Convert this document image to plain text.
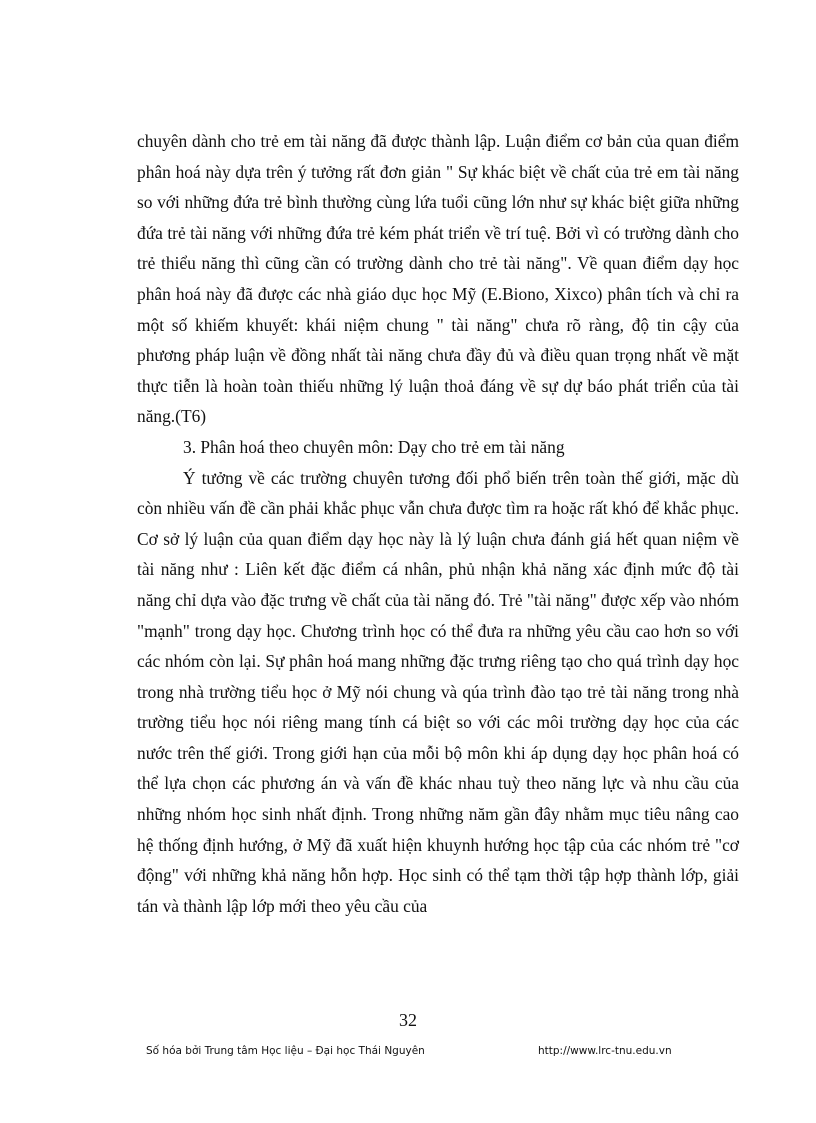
chuyên dành cho trẻ em tài năng đã được thành lập. Luận điểm cơ bản của quan điểm phân hoá này dựa trên ý tưởng rất đơn giản " Sự khác biệt về chất của trẻ em tài năng so với những đứa trẻ bình thường cùng lứa tuổi cũng lớn như sự khác biệt giữa những đứa trẻ tài năng với những đứa trẻ kém phát triển về trí tuệ. Bởi vì có trường dành cho trẻ thiểu năng thì cũng cần có trường dành cho trẻ tài năng". Về quan điểm dạy học phân hoá này đã được các nhà giáo dục học Mỹ (E.Biono, Xixco) phân tích và chỉ ra một số khiếm khuyết: khái niệm chung " tài năng" chưa rõ ràng, độ tin cậy của phương pháp luận về đồng nhất tài năng chưa đầy đủ và điều quan trọng nhất về mặt thực tiễn là hoàn toàn thiếu những lý luận thoả đáng về sự dự báo phát triển của tài năng.(T6)

3. Phân hoá theo chuyên môn: Dạy cho trẻ em tài năng

Ý tưởng về các trường chuyên tương đối phổ biến trên toàn thế giới, mặc dù còn nhiều vấn đề cần phải khắc phục vẫn chưa được tìm ra hoặc rất khó để khắc phục. Cơ sở lý luận của quan điểm dạy học này là lý luận chưa đánh giá hết quan niệm về tài năng như : Liên kết đặc điểm cá nhân, phủ nhận khả năng xác định mức độ tài năng chỉ dựa vào đặc trưng về chất của tài năng đó. Trẻ "tài năng" được xếp vào nhóm "mạnh" trong dạy học. Chương trình học có thể đưa ra những yêu cầu cao hơn so với các nhóm còn lại. Sự phân hoá mang những đặc trưng riêng tạo cho quá trình dạy học trong nhà trường tiểu học ở Mỹ nói chung và qúa trình đào tạo trẻ tài năng trong nhà trường tiểu học nói riêng mang tính cá biệt so với các môi trường dạy học của các nước trên thế giới. Trong giới hạn của mỗi bộ môn khi áp dụng dạy học phân hoá có thể lựa chọn các phương án và vấn đề khác nhau tuỳ theo năng lực và nhu cầu của những nhóm học sinh nhất định. Trong những năm gần đây nhằm mục tiêu nâng cao hệ thống định hướng, ở Mỹ đã xuất hiện khuynh hướng học tập của các nhóm trẻ "cơ động" với những khả năng hỗn hợp. Học sinh có thể tạm thời tập hợp thành lớp, giải tán và thành lập lớp mới theo yêu cầu của

32

Số hóa bởi Trung tâm Học liệu – Đại học Thái Nguyên	http://www.lrc-tnu.edu.vn
